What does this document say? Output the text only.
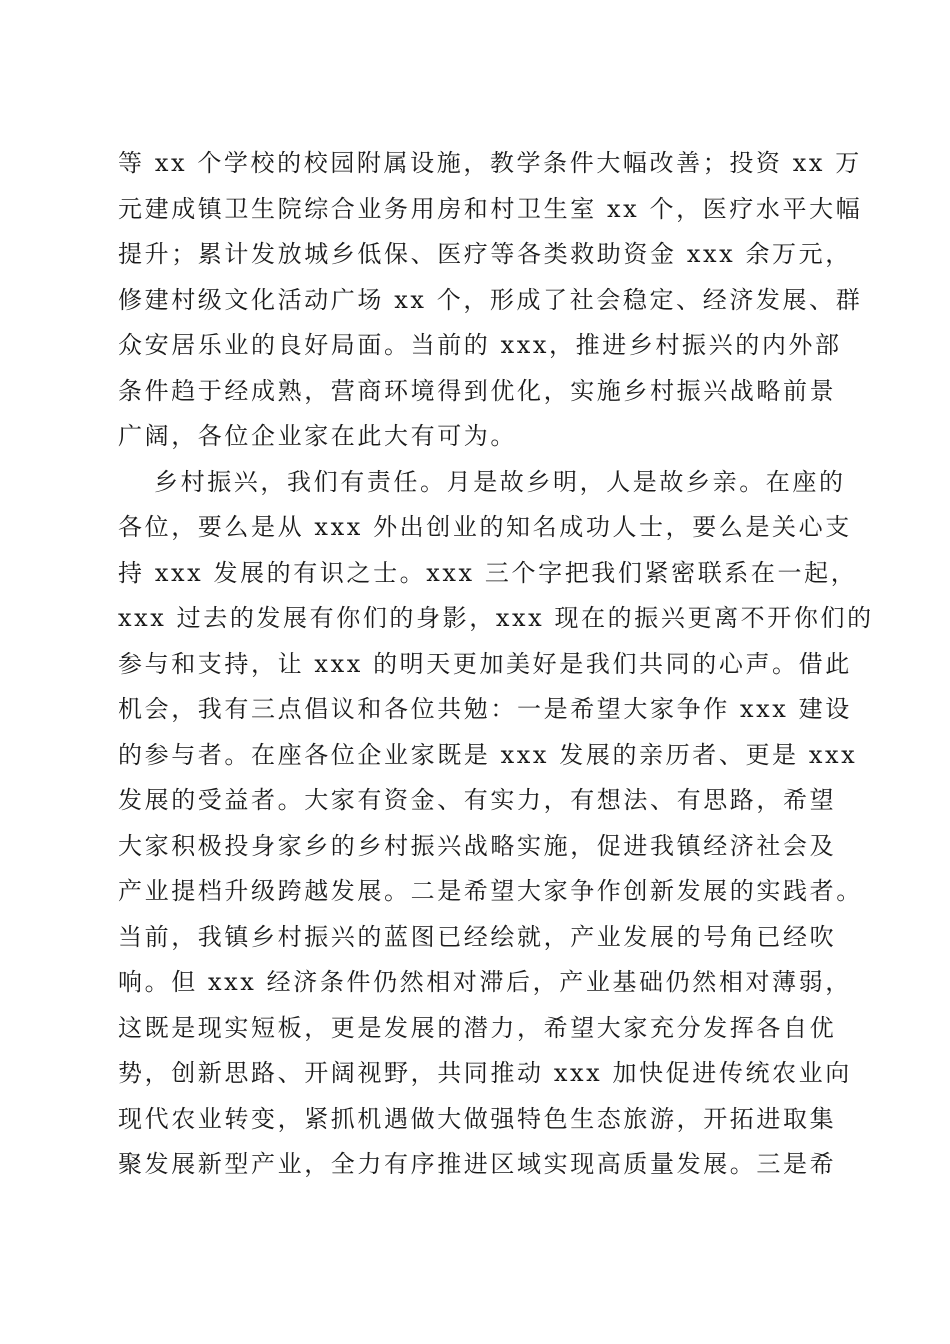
等 xx 个学校的校园附属设施，教学条件大幅改善；投资 xx 万
元建成镇卫生院综合业务用房和村卫生室 xx 个，医疗水平大幅
提升；累计发放城乡低保、医疗等各类救助资金 xxx 余万元，
修建村级文化活动广场 xx 个，形成了社会稳定、经济发展、群
众安居乐业的良好局面。当前的 xxx，推进乡村振兴的内外部
条件趋于经成熟，营商环境得到优化，实施乡村振兴战略前景
广阔，各位企业家在此大有可为。
乡村振兴，我们有责任。月是故乡明，人是故乡亲。在座的
各位，要么是从 xxx 外出创业的知名成功人士，要么是关心支
持 xxx 发展的有识之士。xxx 三个字把我们紧密联系在一起，
xxx 过去的发展有你们的身影，xxx 现在的振兴更离不开你们的
参与和支持，让 xxx 的明天更加美好是我们共同的心声。借此
机会，我有三点倡议和各位共勉：一是希望大家争作 xxx 建设
的参与者。在座各位企业家既是 xxx 发展的亲历者、更是 xxx
发展的受益者。大家有资金、有实力，有想法、有思路，希望
大家积极投身家乡的乡村振兴战略实施，促进我镇经济社会及
产业提档升级跨越发展。二是希望大家争作创新发展的实践者。
当前，我镇乡村振兴的蓝图已经绘就，产业发展的号角已经吹
响。但 xxx 经济条件仍然相对滞后，产业基础仍然相对薄弱，
这既是现实短板，更是发展的潜力，希望大家充分发挥各自优
势，创新思路、开阔视野，共同推动 xxx 加快促进传统农业向
现代农业转变，紧抓机遇做大做强特色生态旅游，开拓进取集
聚发展新型产业，全力有序推进区域实现高质量发展。三是希
